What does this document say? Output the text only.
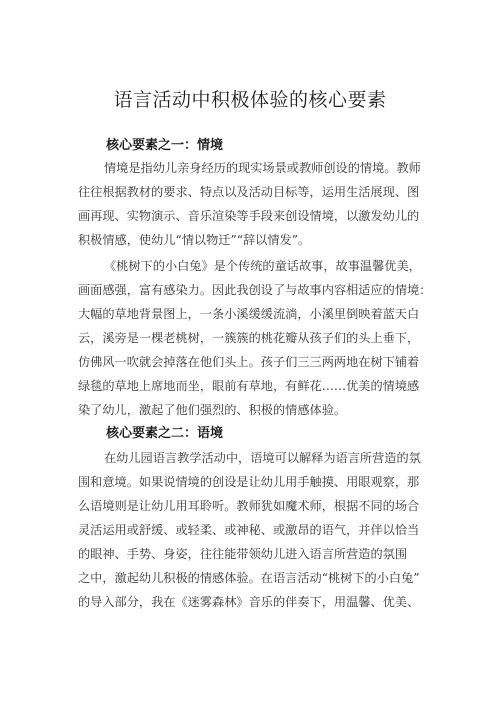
语言活动中积极体验的核心要素
核心要素之一：情境
情境是指幼儿亲身经历的现实场景或教师创设的情境。教师
往往根据教材的要求、特点以及活动目标等，运用生活展现、图
画再现、实物演示、音乐渲染等手段来创设情境，以激发幼儿的
积极情感，使幼儿“情以物迁”“辞以情发”。
《桃树下的小白兔》是个传统的童话故事，故事温馨优美，
画面感强，富有感染力。因此我创设了与故事内容相适应的情境：
大幅的草地背景图上，一条小溪缓缓流淌，小溪里倒映着蓝天白
云，溪旁是一棵老桃树，一簇簇的桃花瓣从孩子们的头上垂下，
仿佛风一吹就会掉落在他们头上。孩子们三三两两地在树下铺着
绿毯的草地上席地而坐，眼前有草地，有鲜花……优美的情境感
染了幼儿，激起了他们强烈的、积极的情感体验。
核心要素之二：语境
在幼儿园语言教学活动中，语境可以解释为语言所营造的氛
围和意境。如果说情境的创设是让幼儿用手触摸、用眼观察，那
么语境则是让幼儿用耳聆听。教师犹如魔术师，根据不同的场合
灵活运用或舒缓、或轻柔、或神秘、或激昂的语气，并伴以恰当
的眼神、手势、身姿，往往能带领幼儿进入语言所营造的氛围
之中，激起幼儿积极的情感体验。在语言活动“桃树下的小白兔”
的导入部分，我在《迷雾森林》音乐的伴奏下，用温馨、优美、
